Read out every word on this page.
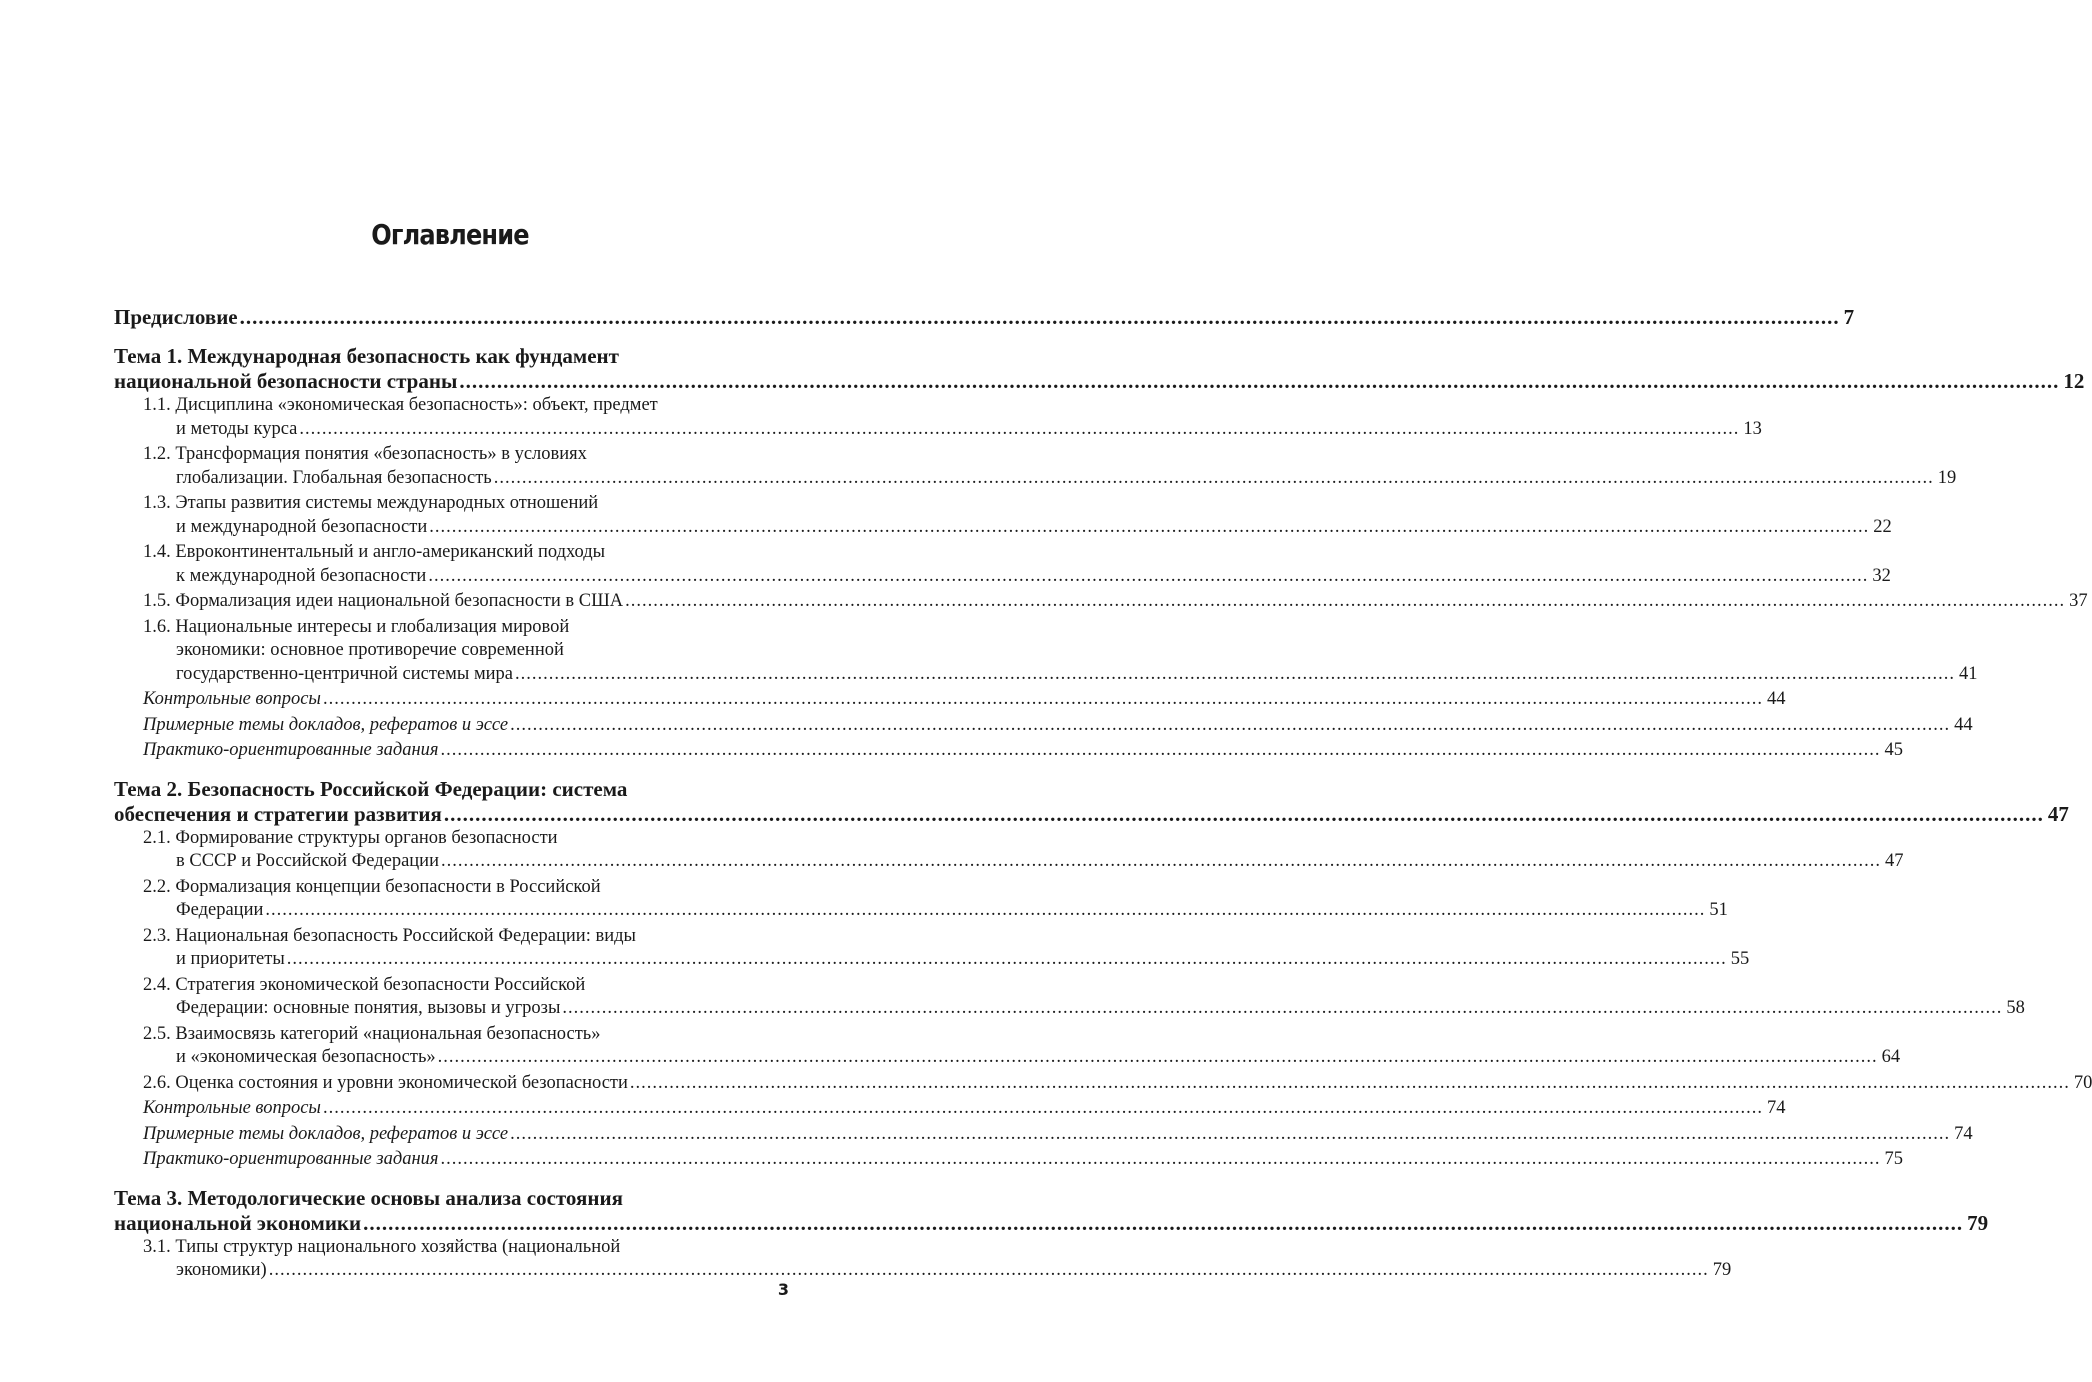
Оглавление
Предисловие .....	7
Тема 1. Международная безопасность как фундамент
национальной безопасности страны .....	12
1.1. Дисциплина «экономическая безопасность»: объект, предмет
и методы курса .....	13
1.2. Трансформация понятия «безопасность» в условиях
глобализации. Глобальная безопасность .....	19
1.3. Этапы развития системы международных отношений
и международной безопасности .....	22
1.4. Евроконтинентальный и англо-американский подходы
к международной безопасности .....	32
1.5. Формализация идеи национальной безопасности в США .....	37
1.6. Национальные интересы и глобализация мировой
экономики: основное противоречие современной
государственно-центричной системы мира .....	41
Контрольные вопросы .....	44
Примерные темы докладов, рефератов и эссе .....	44
Практико-ориентированные задания .....	45
Тема 2. Безопасность Российской Федерации: система
обеспечения и стратегии развития .....	47
2.1. Формирование структуры органов безопасности
в СССР и Российской Федерации .....	47
2.2. Формализация концепции безопасности в Российской
Федерации .....	51
2.3. Национальная безопасность Российской Федерации: виды
и приоритеты .....	55
2.4. Стратегия экономической безопасности Российской
Федерации: основные понятия, вызовы и угрозы .....	58
2.5. Взаимосвязь категорий «национальная безопасность»
и «экономическая безопасность» .....	64
2.6. Оценка состояния и уровни экономической безопасности .....	70
Контрольные вопросы .....	74
Примерные темы докладов, рефератов и эссе .....	74
Практико-ориентированные задания .....	75
Тема 3. Методологические основы анализа состояния
национальной экономики .....	79
3.1. Типы структур национального хозяйства (национальной
экономики) .....	79
3
